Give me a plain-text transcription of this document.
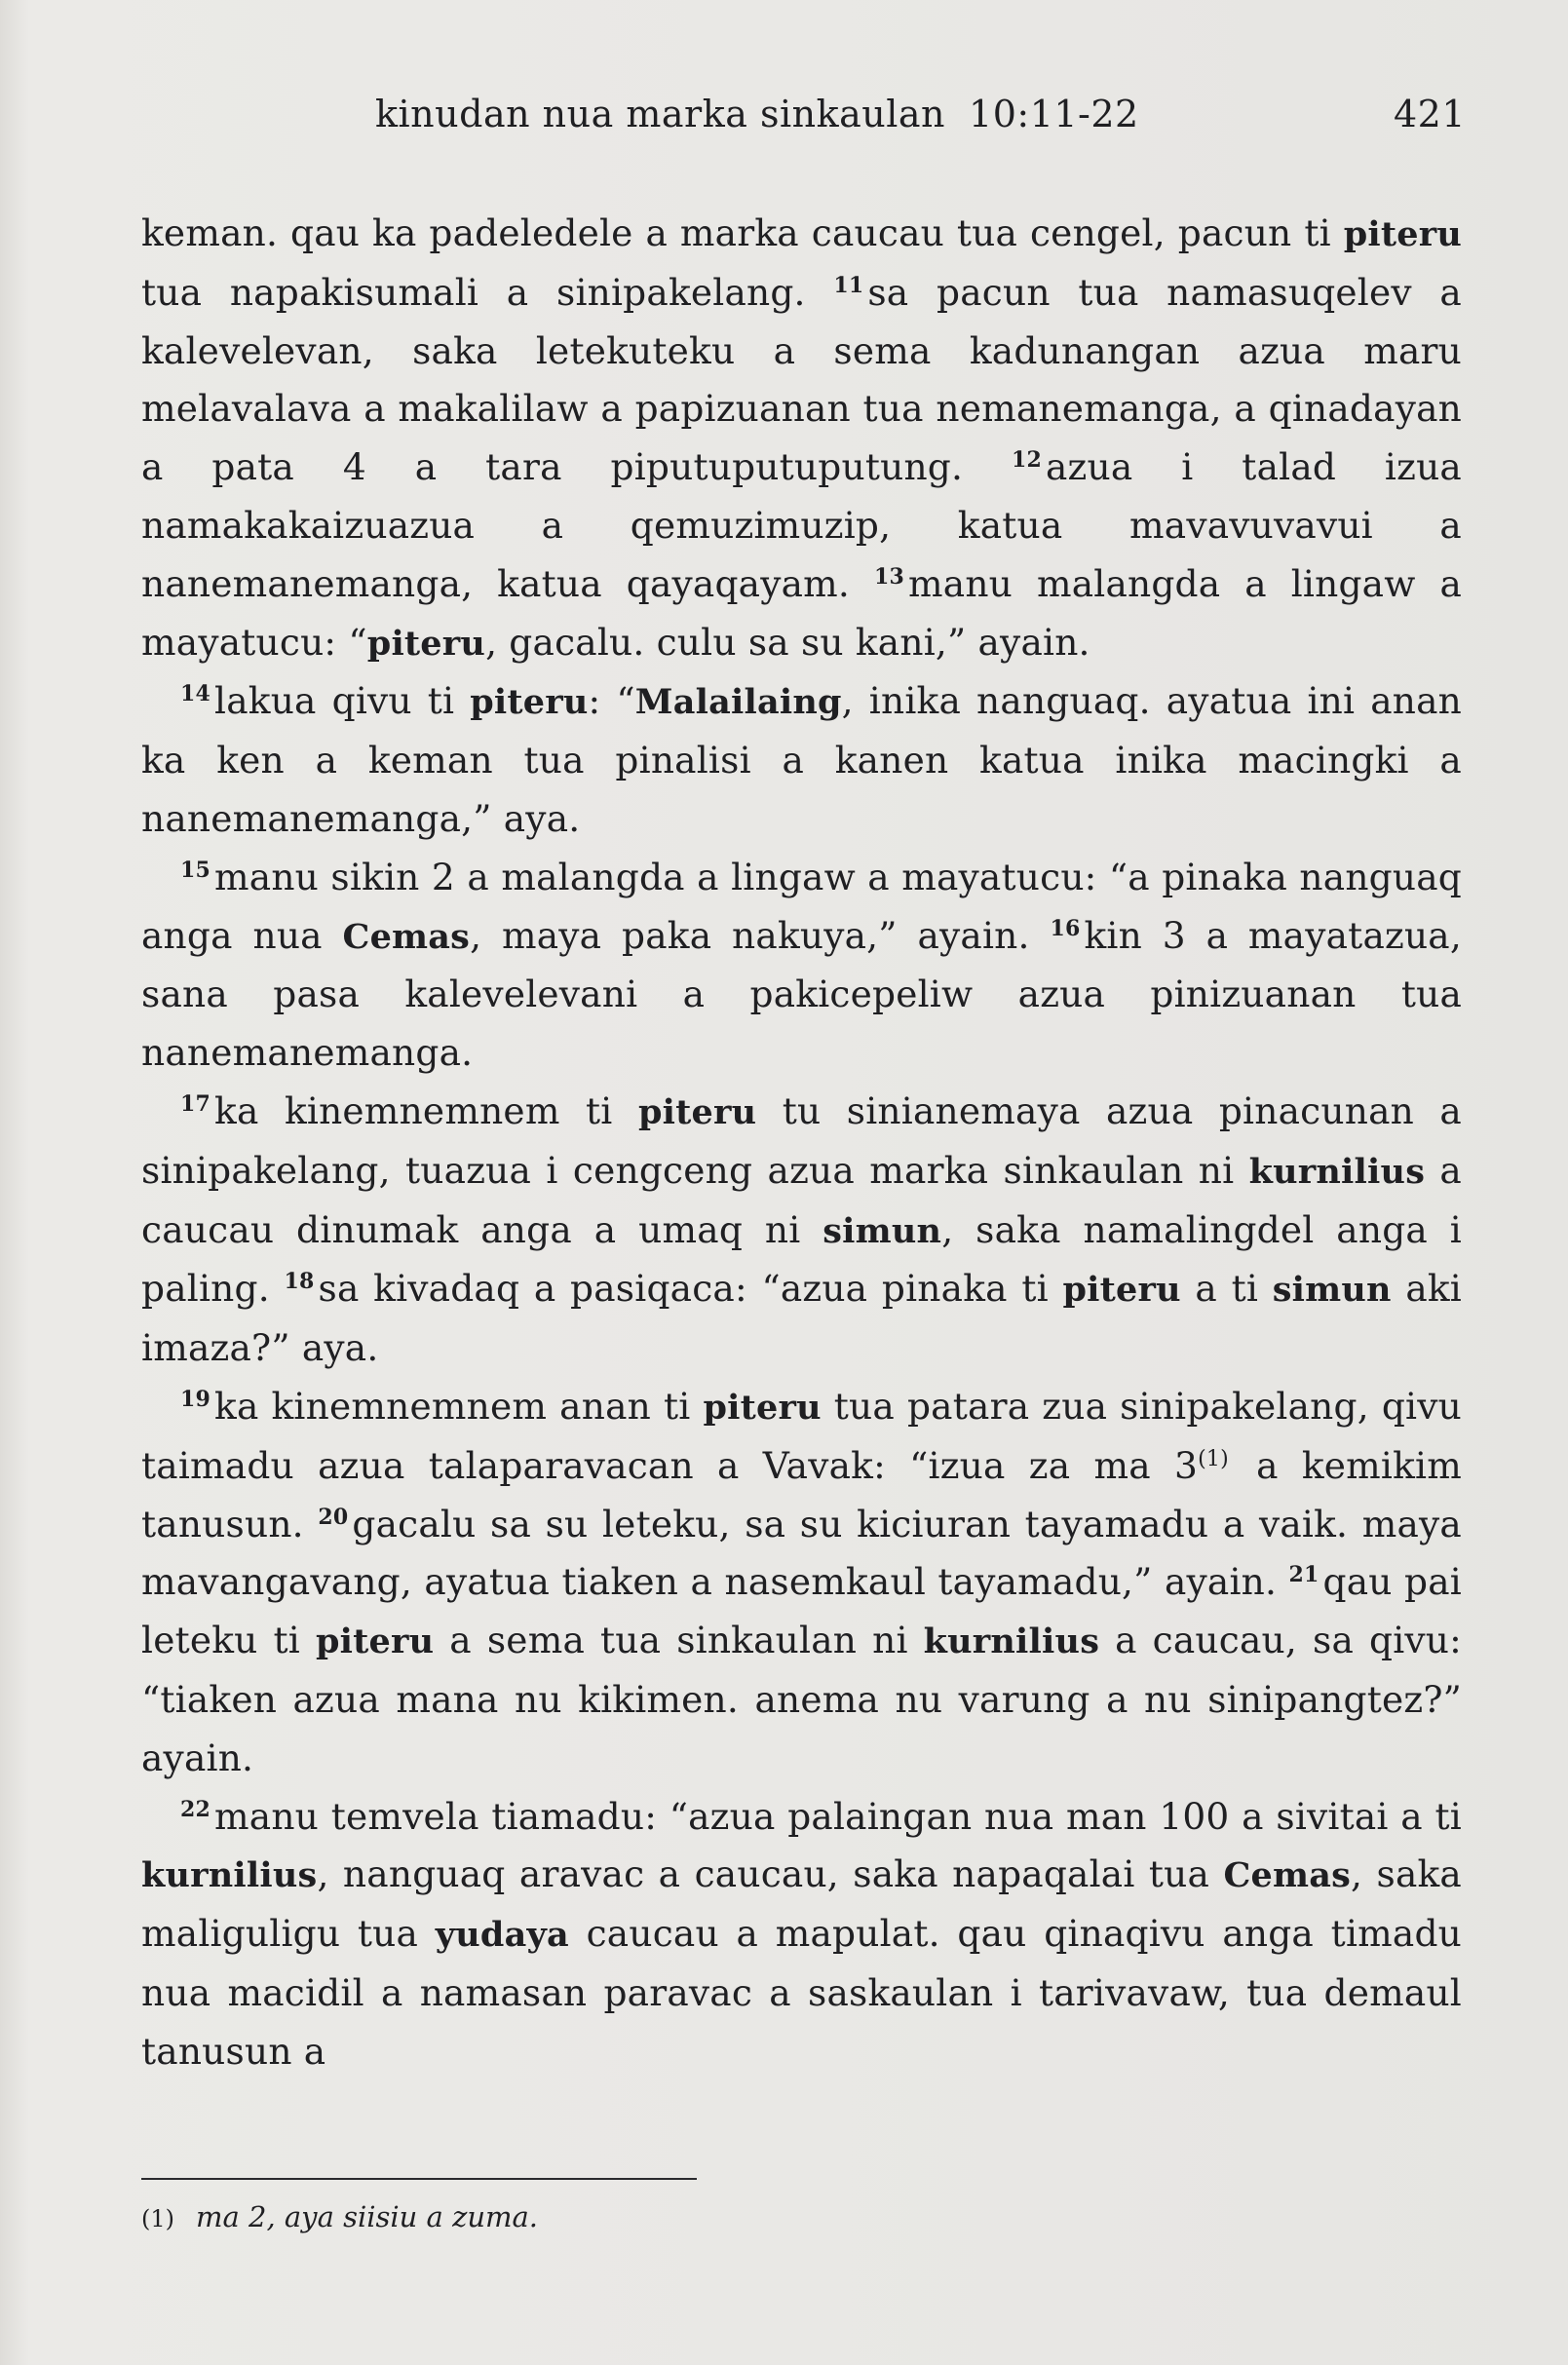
kinudan nua marka sinkaulan 10:11-22	421

keman. qau ka padeledele a marka caucau tua cengel, pacun ti piteru tua napakisumali a sinipakelang. $^{11}$ sa pacun tua namasuqelev a kalevelevan, saka letekuteku a sema kadunangan azua maru melavalava a makalilaw a papizuanan tua nemanemanga, a qinadayan a pata 4 a tara piputuputuputung. $^{12}$ azua i talad izua namakakaizuazua a qemuzimuzip, katua mavavuvavui a nanemanemanga, katua qayaqayam. $^{13}$ manu malangda a lingaw a mayatucu: “piteru, gacalu. culu sa su kani,” ayain.

$^{14}$ lakua qivu ti piteru: “Malailaing, inika nanguaq. ayatua ini anan ka ken a keman tua pinalisi a kanen katua inika macingki a nanemanemanga,” aya.

$^{15}$ manu sikin 2 a malangda a lingaw a mayatucu: “a pinaka nanguaq anga nua Cemas, maya paka nakuya,” ayain. $^{16}$ kin 3 a mayatazua, sana pasa kalevelevani a pakicepeliw azua pinizuanan tua nanemanemanga.

$^{17}$ ka kinemnemnem ti piteru tu sinianemaya azua pinacunan a sinipakelang, tuazua i cengceng azua marka sinkaulan ni kurnilius a caucau dinumak anga a umaq ni simun, saka namalingdel anga i paling. $^{18}$ sa kivadaq a pasiqaca: “azua pinaka ti piteru a ti simun aki imaza?” aya.

$^{19}$ ka kinemnemnem anan ti piteru tua patara zua sinipakelang, qivu taimadu azua talaparavacan a Vavak: “izua za ma 3$^{(1)}$ a kemikim tanusun. $^{20}$ gacalu sa su leteku, sa su kiciuran tayamadu a vaik. maya mavangavang, ayatua tiaken a nasemkaul tayamadu,” ayain. $^{21}$ qau pai leteku ti piteru a sema tua sinkaulan ni kurnilius a caucau, sa qivu: “tiaken azua mana nu kikimen. anema nu varung a nu sinipangtez?” ayain.

$^{22}$ manu temvela tiamadu: “azua palaingan nua man 100 a sivitai a ti kurnilius, nanguaq aravac a caucau, saka napaqalai tua Cemas, saka maliguligu tua yudaya caucau a mapulat. qau qinaqivu anga timadu nua macidil a namasan paravac a saskaulan i tarivavaw, tua demaul tanusun a

(1) ma 2, aya siisiu a zuma.
